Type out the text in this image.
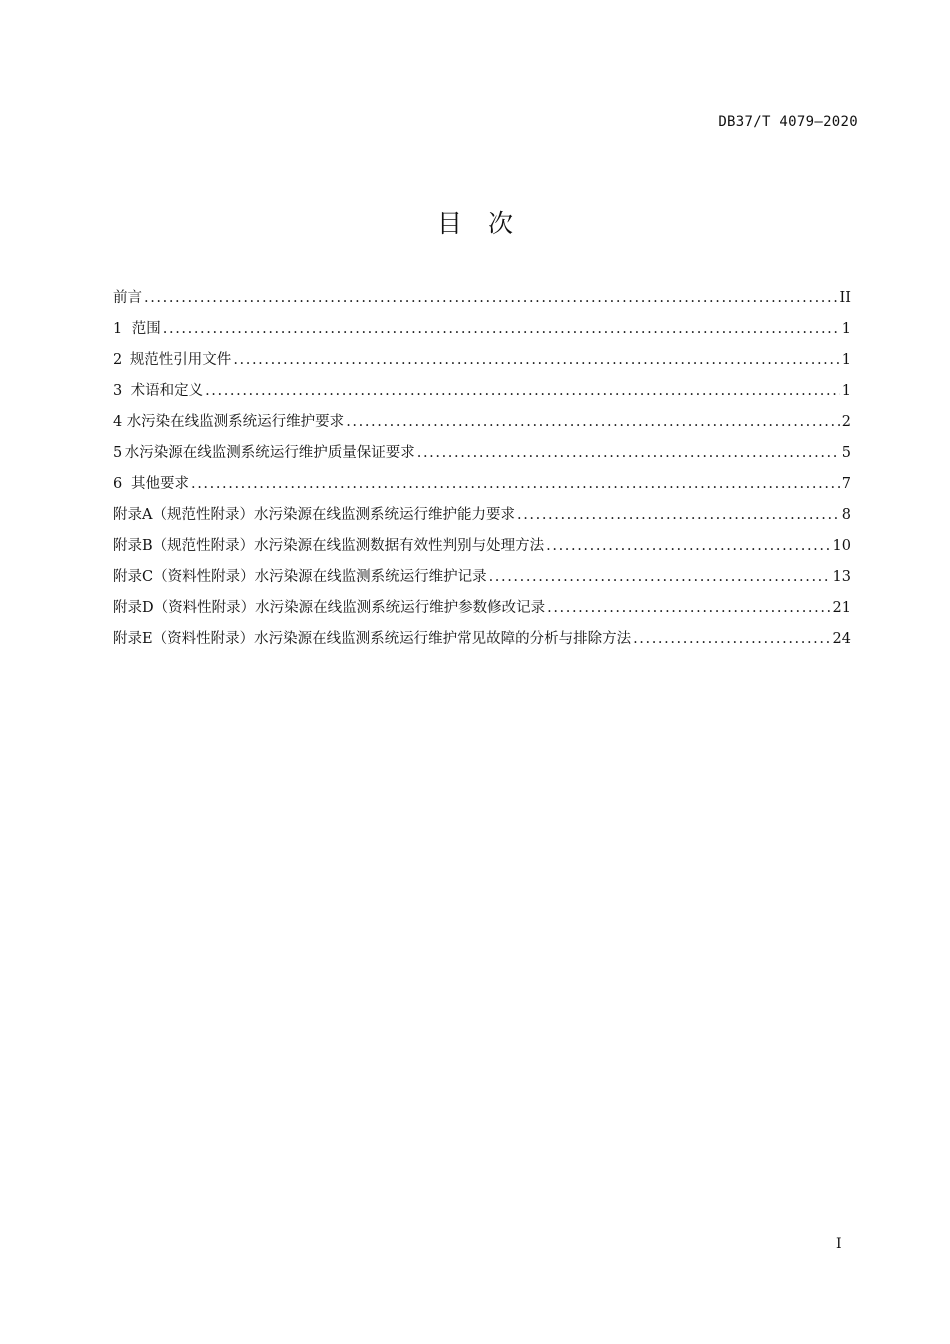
DB37/T 4079—2020
目次
前言 .....	II
1 范围 .....	1
2 规范性引用文件 .....	1
3 术语和定义 .....	1
4 水污染在线监测系统运行维护要求 .....	2
5 水污染源在线监测系统运行维护质量保证要求 .....	5
6 其他要求 .....	7
附录A（规范性附录） 水污染源在线监测系统运行维护能力要求 .....	8
附录B（规范性附录） 水污染源在线监测数据有效性判别与处理方法 .....	10
附录C（资料性附录） 水污染源在线监测系统运行维护记录 .....	13
附录D（资料性附录） 水污染源在线监测系统运行维护参数修改记录 .....	21
附录E（资料性附录） 水污染源在线监测系统运行维护常见故障的分析与排除方法 .....	24
I
